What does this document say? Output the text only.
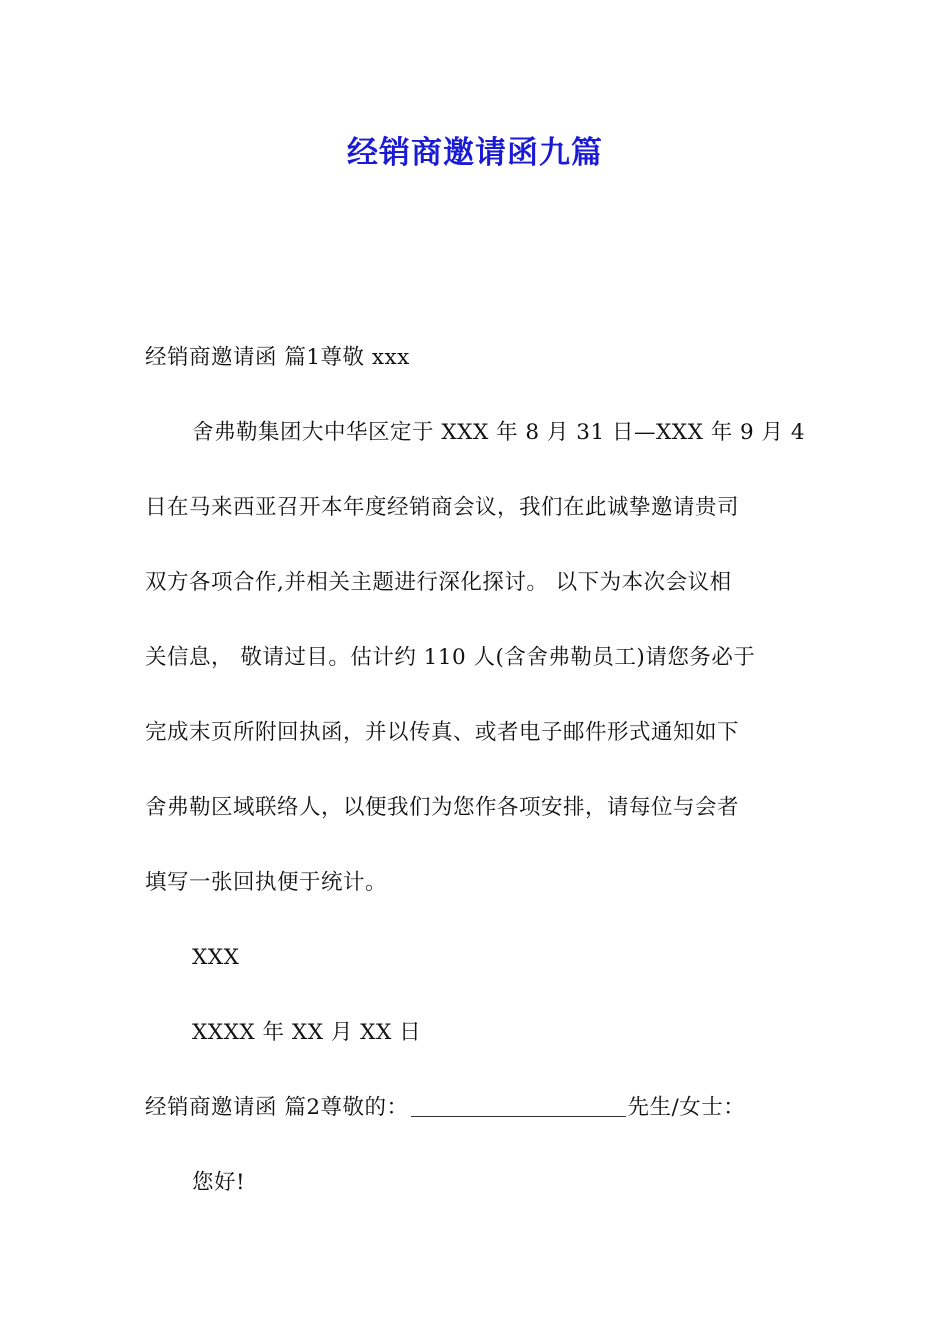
经销商邀请函九篇
经销商邀请函 篇1尊敬 xxx
舍弗勒集团大中华区定于 XXX 年 8 月 31 日—XXX 年 9 月 4
日在马来西亚召开本年度经销商会议，我们在此诚挚邀请贵司
双方各项合作,并相关主题进行深化探讨。 以下为本次会议相
关信息， 敬请过目。估计约 110 人(含舍弗勒员工)请您务必于
完成末页所附回执函，并以传真、或者电子邮件形式通知如下
舍弗勒区域联络人，以便我们为您作各项安排，请每位与会者
填写一张回执便于统计。
XXX
XXXX 年 XX 月 XX 日
经销商邀请函 篇2尊敬的：	先生/女士：
您好!
